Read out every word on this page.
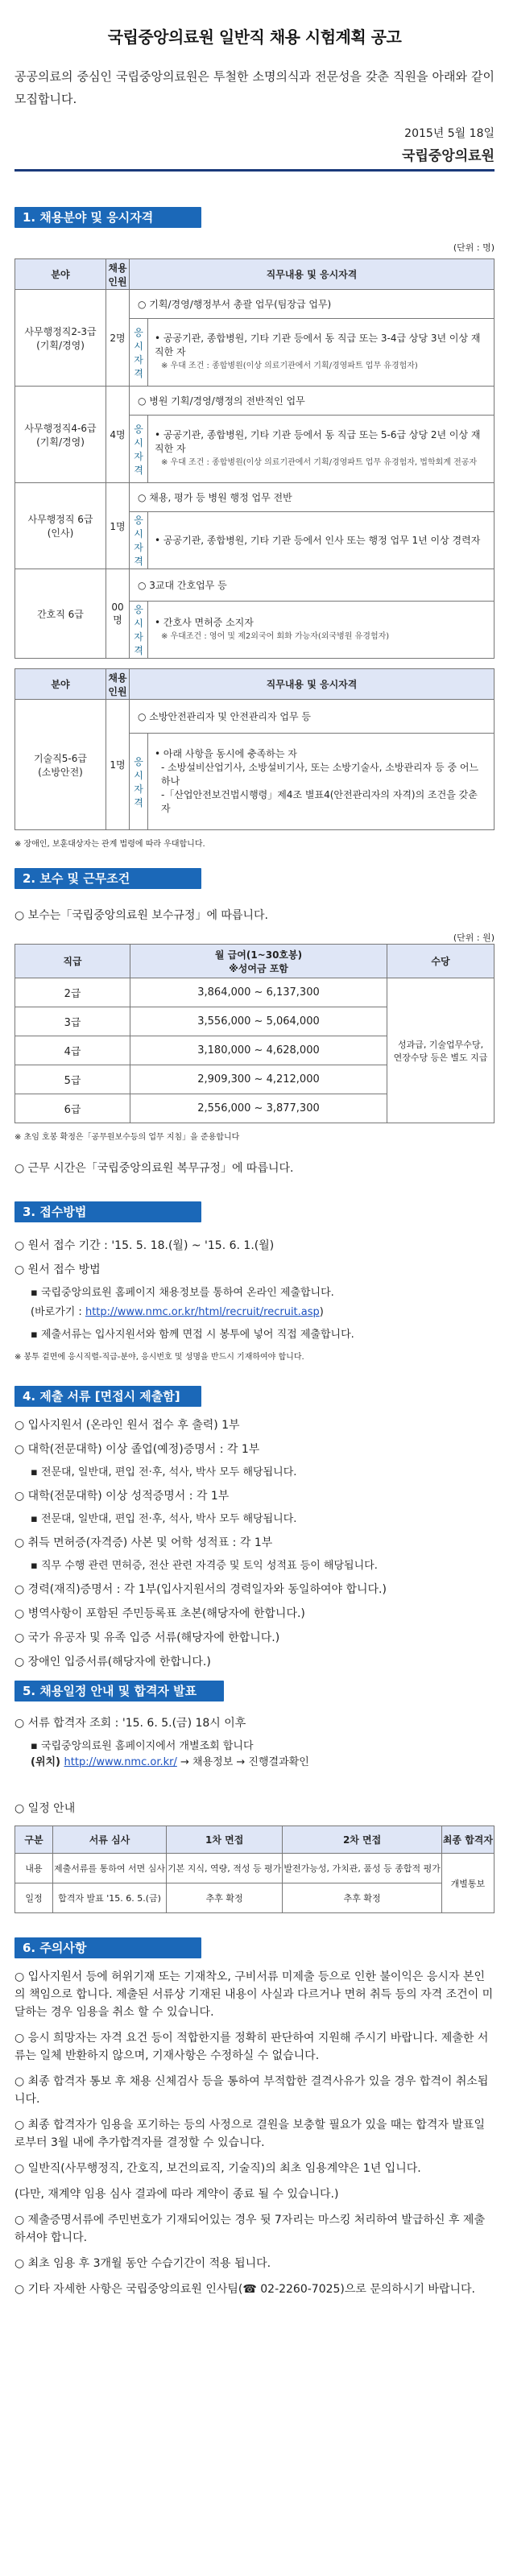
국립중앙의료원 일반직 채용 시험계획 공고

공공의료의 중심인 국립중앙의료원은 투철한 소명의식과 전문성을 갖춘 직원을 아래와 같이 모집합니다.

2015년 5월 18일
국립중앙의료원
1. 채용분야 및 응시자격
(단위 : 명)
분야	채용 인원	직무내용 및 응시자격	
사무행정직2-3급
(기획/경영)	2명	○ 기획/경영/행정부서 총괄 업무(팀장급 업무)	

		응시 자격	• 공공기관, 종합병원, 기타 기관 등에서 동 직급 또는 3-4급 상당 3년 이상 재직한 자
※ 우대 조건 : 종합병원(이상 의료기관에서 기획/경영파트 업무 유경험자)

사무행정직4-6급
(기획/경영)	4명	○ 병원 기획/경영/행정의 전반적인 업무	

		응시 자격	• 공공기관, 종합병원, 기타 기관 등에서 동 직급 또는 5-6급 상당 2년 이상 재직한 자
※ 우대 조건 : 종합병원(이상 의료기관에서 기획/경영파트 업무 유경험자, 법학회계 전공자

사무행정직 6급
(인사)	1명	○ 채용, 평가 등 병원 행정 업무 전반	

		응시 자격	• 공공기관, 종합병원, 기타 기관 등에서 인사 또는 행정 업무 1년 이상 경력자

간호직 6급	00명	○ 3교대 간호업무 등	

		응시 자격	• 간호사 면허증 소지자
※ 우대조건 : 영어 및 제2외국어 회화 가능자(외국병원 유경험자)
분야	채용 인원	직무내용 및 응시자격	
기술직5-6급
(소방안전)	1명	○ 소방안전관리자 및 안전관리자 업무 등	

		응시 자격	• 아래 사항을 동시에 충족하는 자
- 소방설비산업기사, 소방설비기사, 또는 소방기술사, 소방관리자 등 중 어느 하나
-「산업안전보건법시행령」제4조 별표4(안전관리자의 자격)의 조건을 갖춘 자
※ 장애인, 보훈대상자는 관계 법령에 따라 우대합니다.
2. 보수 및 근무조건
○ 보수는「국립중앙의료원 보수규정」에 따릅니다.
(단위 : 원)
직급	월 급여(1~30호봉)
※성여금 포함	수당
2급	3,864,000 ~ 6,137,300	성과급, 기술업무수당, 연장수당 등은 별도 지급
3급	3,556,000 ~ 5,064,000	
4급	3,180,000 ~ 4,628,000	
5급	2,909,300 ~ 4,212,000	
6급	2,556,000 ~ 3,877,300	
※ 초임 호봉 확정은「공무원보수등의 업무 지침」을 준용합니다
○ 근무 시간은「국립중앙의료원 복무규정」에 따릅니다.
3. 접수방법
○ 원서 접수 기간 : '15. 5. 18.(월) ~ '15. 6. 1.(월)
○ 원서 접수 방법
▪ 국립중앙의료원 홈페이지 채용정보를 통하여 온라인 제출합니다.
(바로가기 : http://www.nmc.or.kr/html/recruit/recruit.asp)
▪ 제출서류는 입사지원서와 함께 면접 시 봉투에 넣어 직접 제출합니다.
※ 봉투 겉면에 응시직렬-직급-분야, 응시번호 및 성명을 반드시 기재하여야 합니다.
4. 제출 서류 [면접시 제출함]
○ 입사지원서 (온라인 원서 접수 후 출력) 1부
○ 대학(전문대학) 이상 졸업(예정)증명서 : 각 1부
▪ 전문대, 일반대, 편입 전·후, 석사, 박사 모두 해당됩니다.
○ 대학(전문대학) 이상 성적증명서 : 각 1부
▪ 전문대, 일반대, 편입 전·후, 석사, 박사 모두 해당됩니다.
○ 취득 면허증(자격증) 사본 및 어학 성적표 : 각 1부
▪ 직무 수행 관련 면허증, 전산 관련 자격증 및 토익 성적표 등이 해당됩니다.
○ 경력(재직)증명서 : 각 1부(입사지원서의 경력일자와 동일하여야 합니다.)
○ 병역사항이 포함된 주민등록표 초본(해당자에 한합니다.)
○ 국가 유공자 및 유족 입증 서류(해당자에 한합니다.)
○ 장애인 입증서류(해당자에 한합니다.)
5. 채용일정 안내 및 합격자 발표
○ 서류 합격자 조회 : '15. 6. 5.(금) 18시 이후
▪ 국립중앙의료원 홈페이지에서 개별조회 합니다
(위치) http://www.nmc.or.kr/ → 채용정보 → 진행결과확인
○ 일정 안내
구분	서류 심사	1차 면접	2차 면접	최종 합격자
내용	제출서류를 통하여 서면 심사	기본 지식, 역량, 적성 등 평가	발전가능성, 가치관, 품성 등 종합적 평가	개별통보
일정	합격자 발표 '15. 6. 5.(금)	추후 확정	추후 확정	
6. 주의사항
○ 입사지원서 등에 허위기재 또는 기재착오, 구비서류 미제출 등으로 인한 불이익은 응시자 본인의 책임으로 합니다. 제출된 서류상 기재된 내용이 사실과 다르거나 면허 취득 등의 자격 조건이 미달하는 경우 임용을 취소 할 수 있습니다.
○ 응시 희망자는 자격 요건 등이 적합한지를 정확히 판단하여 지원해 주시기 바랍니다. 제출한 서류는 일체 반환하지 않으며, 기재사항은 수정하실 수 없습니다.
○ 최종 합격자 통보 후 채용 신체검사 등을 통하여 부적합한 결격사유가 있을 경우 합격이 취소됩니다.
○ 최종 합격자가 임용을 포기하는 등의 사정으로 결원을 보충할 필요가 있을 때는 합격자 발표일로부터 3월 내에 추가합격자를 결정할 수 있습니다.
○ 일반직(사무행정직, 간호직, 보건의료직, 기술직)의 최초 임용계약은 1년 입니다.
(다만, 재계약 임용 심사 결과에 따라 계약이 종료 될 수 있습니다.)
○ 제출증명서류에 주민번호가 기재되어있는 경우 뒷 7자리는 마스킹 처리하여 발급하신 후 제출하셔야 합니다.
○ 최초 임용 후 3개월 동안 수습기간이 적용 됩니다.
○ 기타 자세한 사항은 국립중앙의료원 인사팀(☎ 02-2260-7025)으로 문의하시기 바랍니다.
